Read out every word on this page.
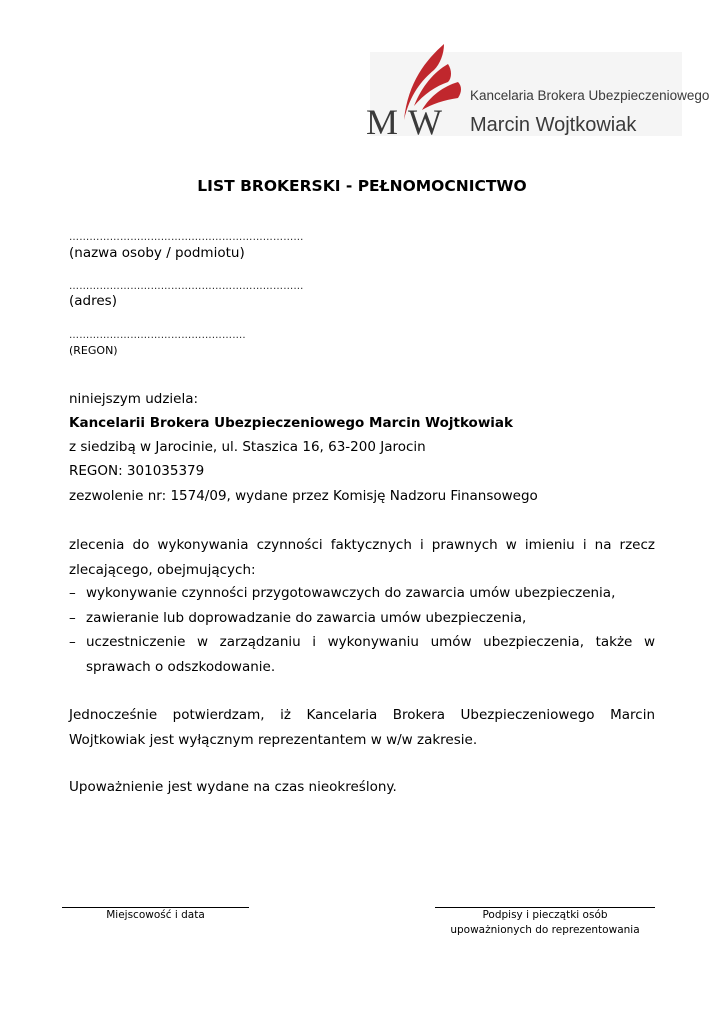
M W
Kancelaria Brokera Ubezpieczeniowego
Marcin Wojtkowiak
LIST BROKERSKI - PEŁNOMOCNICTWO
……………………………………………………………
(nazwa osoby / podmiotu)
……………………………………………………………
(adres)
…………………………………………….
(REGON)
niniejszym udziela:
Kancelarii Brokera Ubezpieczeniowego Marcin Wojtkowiak
z siedzibą w Jarocinie, ul. Staszica 16, 63-200 Jarocin
REGON: 301035379
zezwolenie nr: 1574/09, wydane przez Komisję Nadzoru Finansowego

zlecenia do wykonywania czynności faktycznych i prawnych w imieniu i na rzecz zlecającego, obejmujących:

– wykonywanie czynności przygotowawczych do zawarcia umów ubezpieczenia,
– zawieranie lub doprowadzanie do zawarcia umów ubezpieczenia,
– uczestniczenie w zarządzaniu i wykonywaniu umów ubezpieczenia, także w sprawach o odszkodowanie.

Jednocześnie potwierdzam, iż Kancelaria Brokera Ubezpieczeniowego Marcin Wojtkowiak jest wyłącznym reprezentantem w w/w zakresie.

Upoważnienie jest wydane na czas nieokreślony.
Miejscowość i data	Podpisy i pieczątki osób
upoważnionych do reprezentowania
